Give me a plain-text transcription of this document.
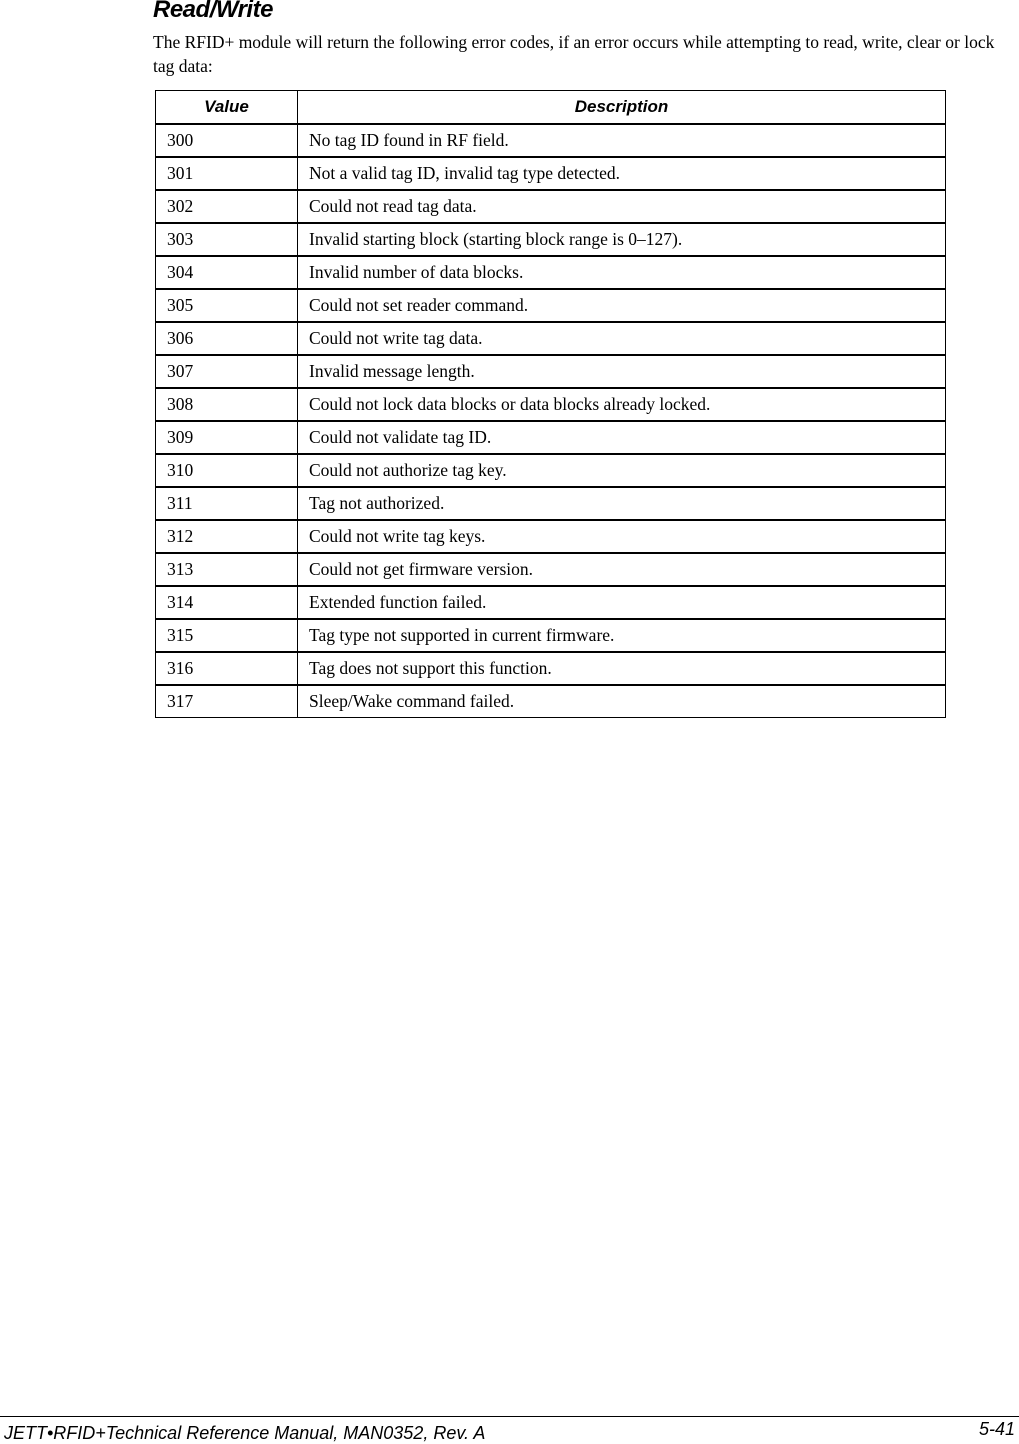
Read/Write

The RFID+ module will return the following error codes, if an error occurs while attempting to read, write, clear or lock tag data:

Value	Description
300	No tag ID found in RF field.
301	Not a valid tag ID, invalid tag type detected.
302	Could not read tag data.
303	Invalid starting block (starting block range is 0–127).
304	Invalid number of data blocks.
305	Could not set reader command.
306	Could not write tag data.
307	Invalid message length.
308	Could not lock data blocks or data blocks already locked.
309	Could not validate tag ID.
310	Could not authorize tag key.
311	Tag not authorized.
312	Could not write tag keys.
313	Could not get firmware version.
314	Extended function failed.
315	Tag type not supported in current firmware.
316	Tag does not support this function.
317	Sleep/Wake command failed.
JETT•RFID+Technical Reference Manual, MAN0352, Rev. A	5-41
